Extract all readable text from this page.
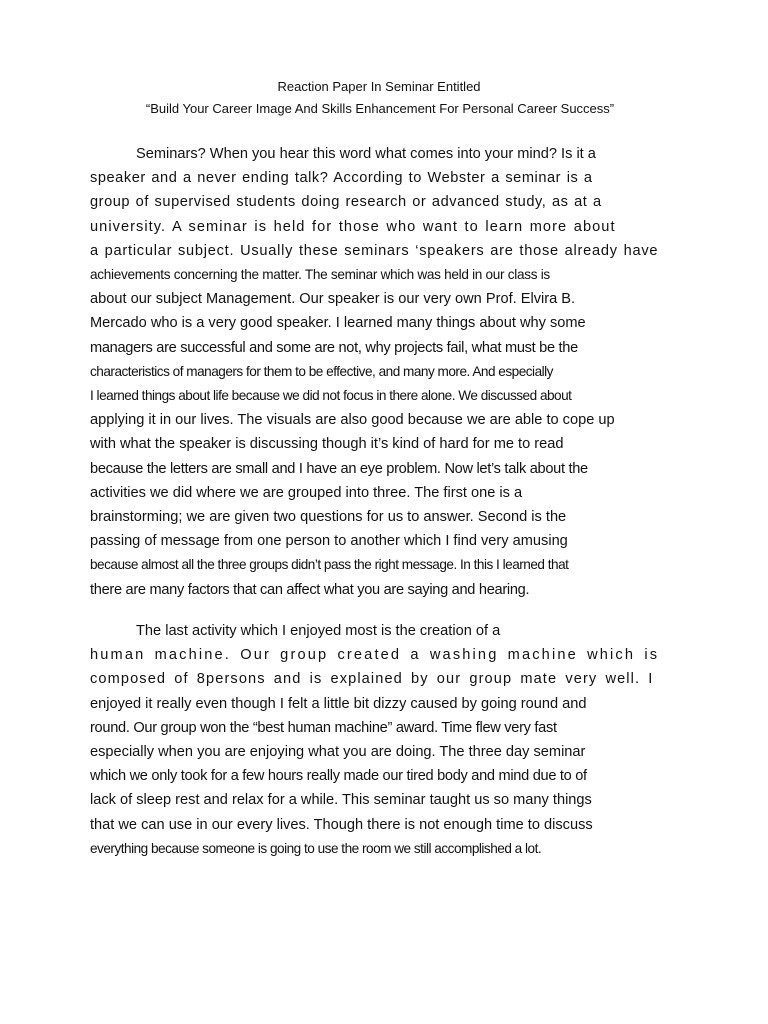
Reaction Paper In Seminar Entitled
“Build Your Career Image And Skills Enhancement For Personal Career Success”
Seminars? When you hear this word what comes into your mind? Is it a
speaker and a never ending talk? According to Webster a seminar is a
group of supervised students doing research or advanced study, as at a
university. A seminar is held for those who want to learn more about
a particular subject. Usually these seminars ‘speakers are those already have
achievements concerning the matter. The seminar which was held in our class is
about our subject Management. Our speaker is our very own Prof. Elvira B.
Mercado who is a very good speaker. I learned many things about why some
managers are successful and some are not, why projects fail, what must be the
characteristics of managers for them to be effective, and many more. And especially
I learned things about life because we did not focus in there alone. We discussed about
applying it in our lives. The visuals are also good because we are able to cope up
with what the speaker is discussing though it’s kind of hard for me to read
because the letters are small and I have an eye problem. Now let’s talk about the
activities we did where we are grouped into three. The first one is a
brainstorming; we are given two questions for us to answer. Second is the
passing of message from one person to another which I find very amusing
because almost all the three groups didn’t pass the right message. In this I learned that
there are many factors that can affect what you are saying and hearing.
The last activity which I enjoyed most is the creation of a
human machine. Our group created a washing machine which is
composed of 8persons and is explained by our group mate very well. I
enjoyed it really even though I felt a little bit dizzy caused by going round and
round. Our group won the “best human machine” award. Time flew very fast
especially when you are enjoying what you are doing. The three day seminar
which we only took for a few hours really made our tired body and mind due to of
lack of sleep rest and relax for a while. This seminar taught us so many things
that we can use in our every lives. Though there is not enough time to discuss
everything because someone is going to use the room we still accomplished a lot.
